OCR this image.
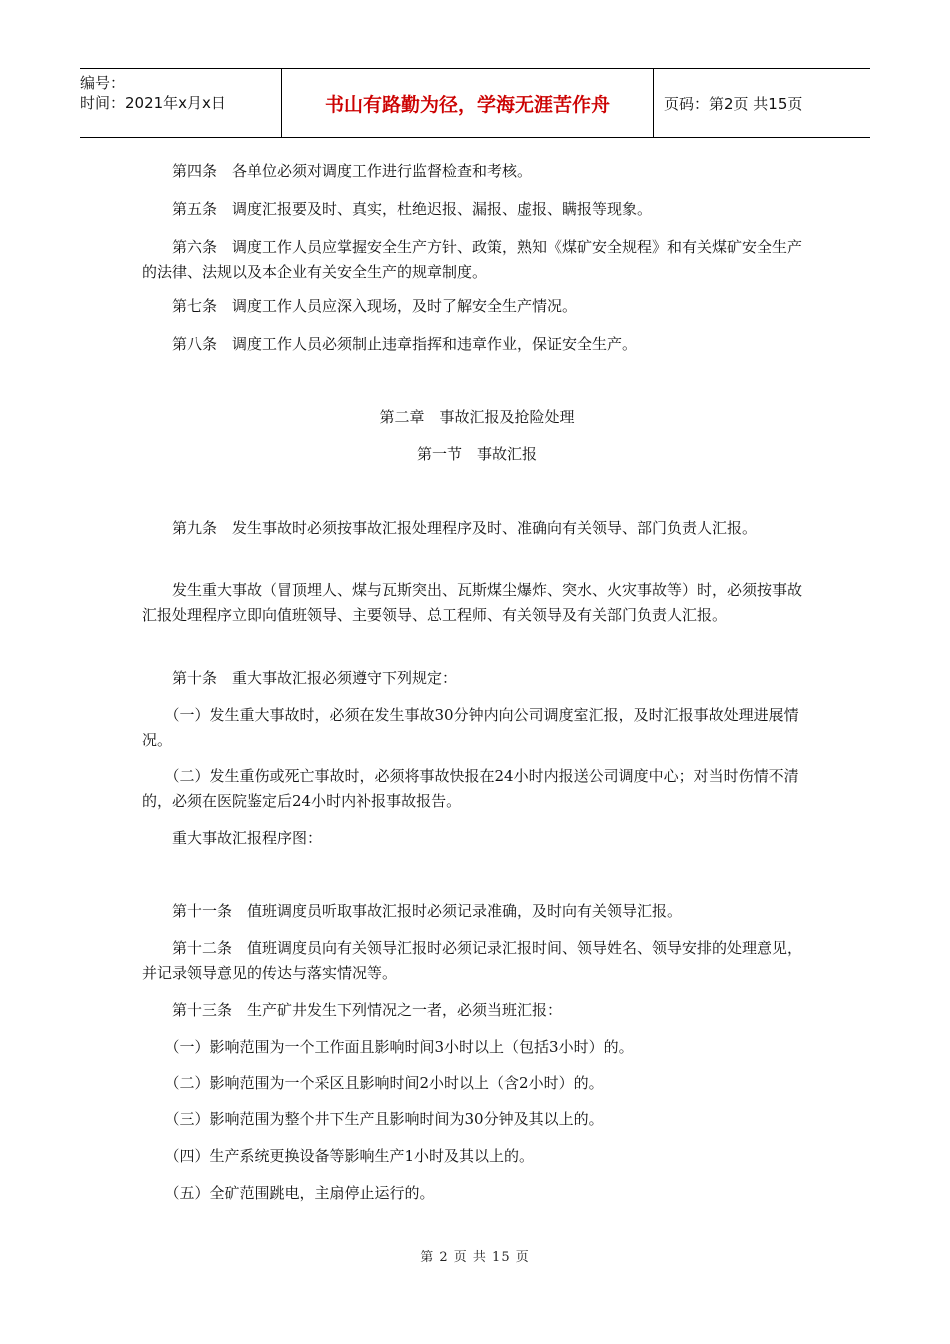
编号：
时间：2021年x月x日	书山有路勤为径，学海无涯苦作舟	页码：第2页 共15页

　　第四条　各单位必须对调度工作进行监督检查和考核。

　　第五条　调度汇报要及时、真实，杜绝迟报、漏报、虚报、瞒报等现象。

　　第六条　调度工作人员应掌握安全生产方针、政策，熟知《煤矿安全规程》和有关煤矿安全生产的法律、法规以及本企业有关安全生产的规章制度。

　　第七条　调度工作人员应深入现场，及时了解安全生产情况。

　　第八条　调度工作人员必须制止违章指挥和违章作业，保证安全生产。

第二章　事故汇报及抢险处理
第一节　事故汇报

　　第九条　发生事故时必须按事故汇报处理程序及时、准确向有关领导、部门负责人汇报。

　　发生重大事故（冒顶埋人、煤与瓦斯突出、瓦斯煤尘爆炸、突水、火灾事故等）时，必须按事故汇报处理程序立即向值班领导、主要领导、总工程师、有关领导及有关部门负责人汇报。

　　第十条　重大事故汇报必须遵守下列规定：

　　（一）发生重大事故时，必须在发生事故30分钟内向公司调度室汇报，及时汇报事故处理进展情况。

　　（二）发生重伤或死亡事故时，必须将事故快报在24小时内报送公司调度中心；对当时伤情不清的，必须在医院鉴定后24小时内补报事故报告。

　　重大事故汇报程序图：

　　第十一条　值班调度员听取事故汇报时必须记录准确，及时向有关领导汇报。

　　第十二条　值班调度员向有关领导汇报时必须记录汇报时间、领导姓名、领导安排的处理意见，并记录领导意见的传达与落实情况等。

　　第十三条　生产矿井发生下列情况之一者，必须当班汇报：

　　（一）影响范围为一个工作面且影响时间3小时以上（包括3小时）的。

　　（二）影响范围为一个采区且影响时间2小时以上（含2小时）的。

　　（三）影响范围为整个井下生产且影响时间为30分钟及其以上的。

　　（四）生产系统更换设备等影响生产1小时及其以上的。

　　（五）全矿范围跳电，主扇停止运行的。

第 2 页 共 15 页
